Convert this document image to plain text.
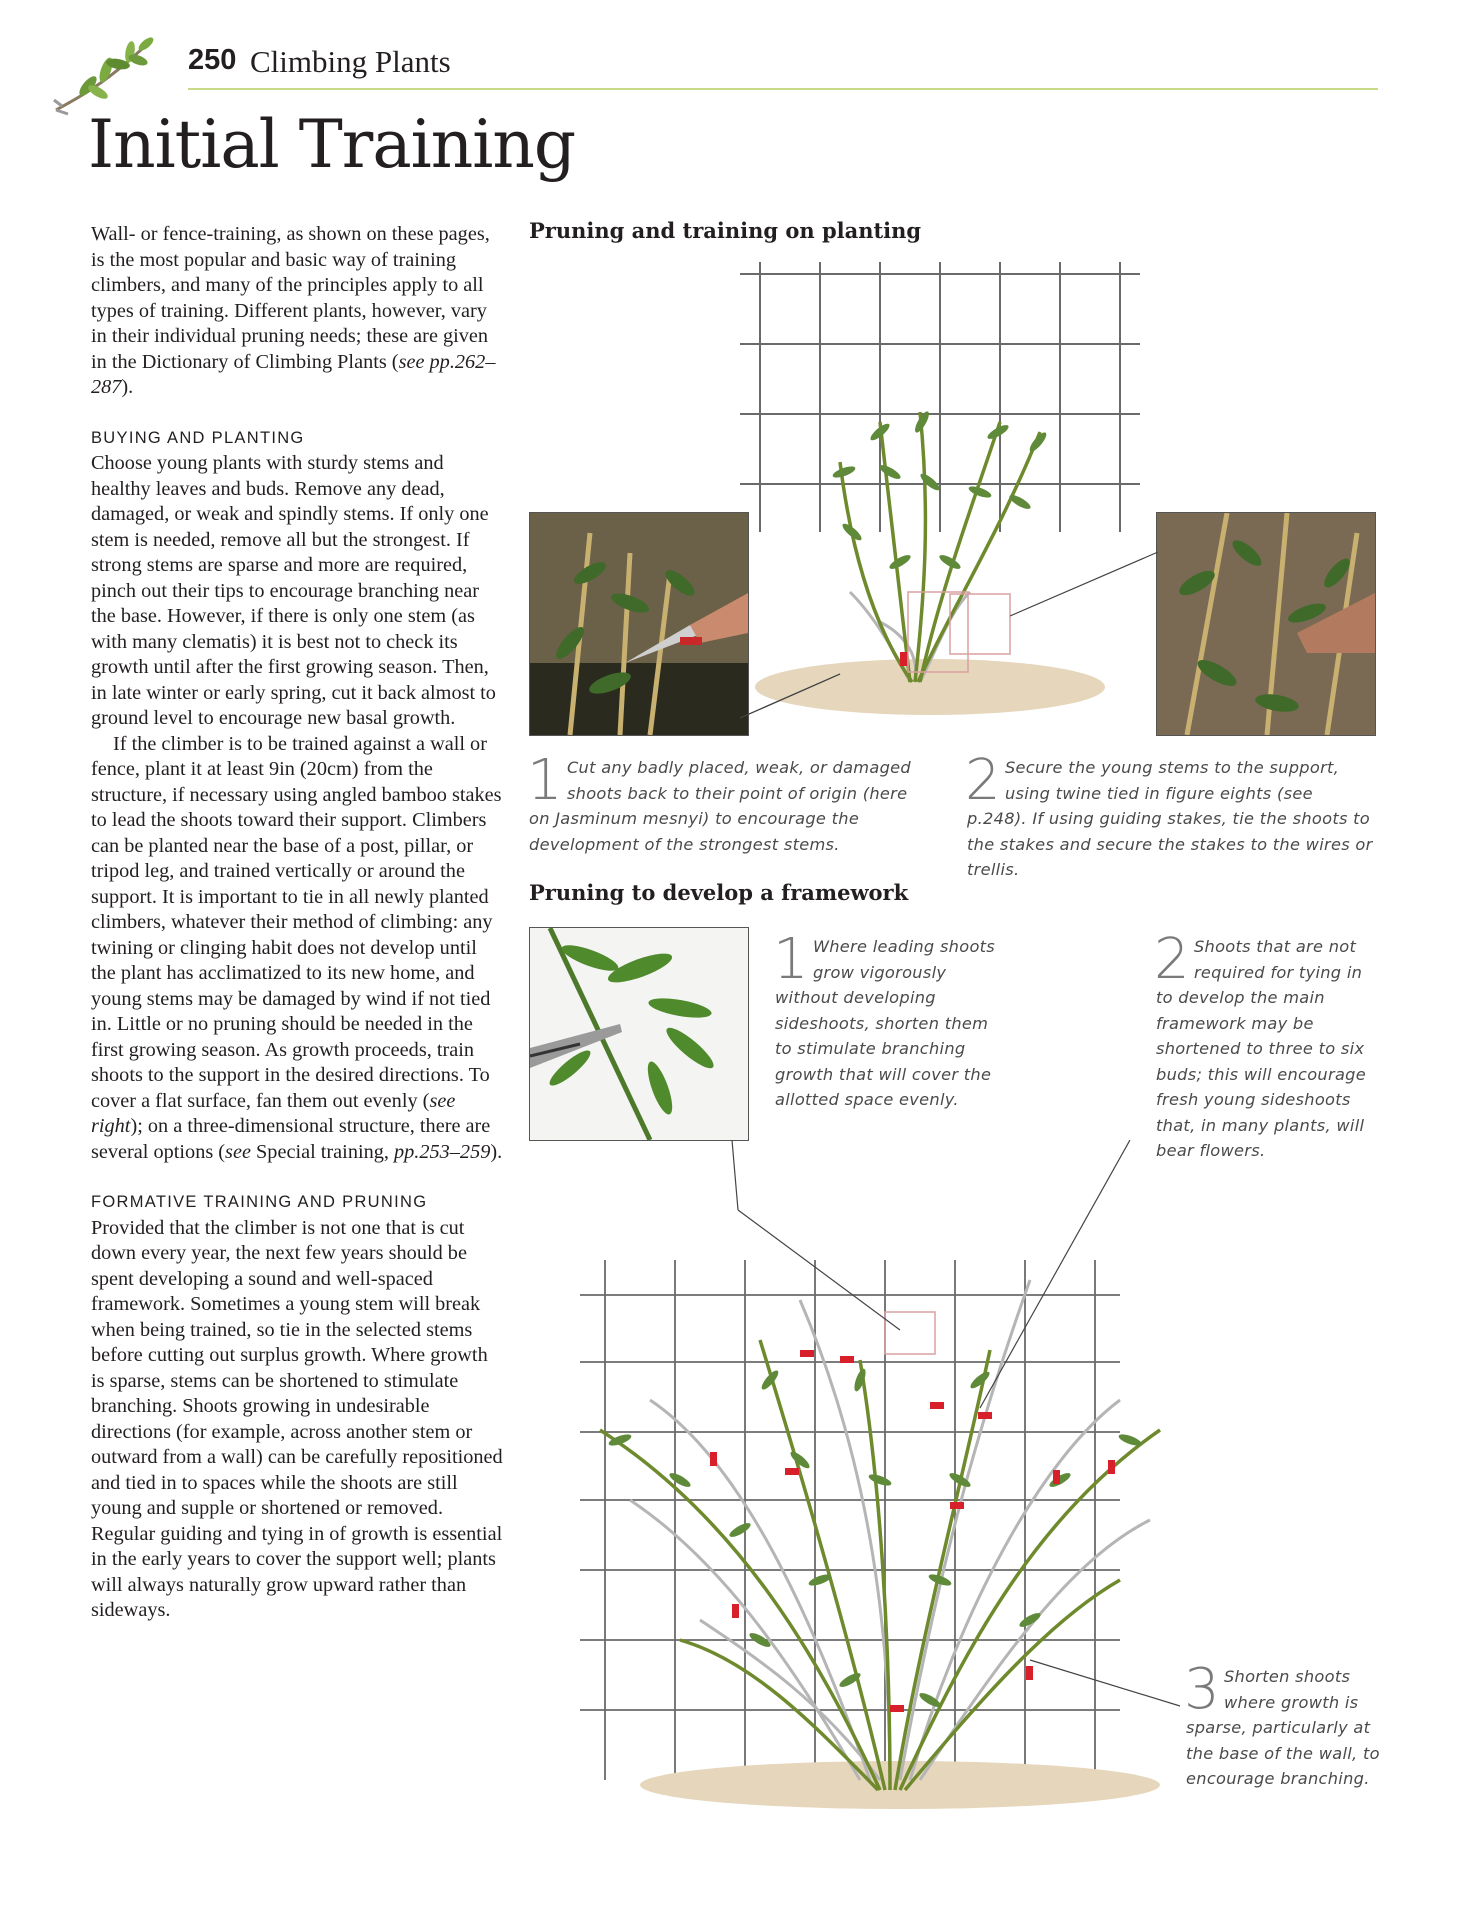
250 Climbing Plants
Initial Training

Wall- or fence-training, as shown on these pages, is the most popular and basic way of training climbers, and many of the principles apply to all types of training. Different plants, however, vary in their individual pruning needs; these are given in the Dictionary of Climbing Plants (see pp.262–287).

BUYING AND PLANTING

Choose young plants with sturdy stems and healthy leaves and buds. Remove any dead, damaged, or weak and spindly stems. If only one stem is needed, remove all but the strongest. If strong stems are sparse and more are required, pinch out their tips to encourage branching near the base. However, if there is only one stem (as with many clematis) it is best not to check its growth until after the first growing season. Then, in late winter or early spring, cut it back almost to ground level to encourage new basal growth.

If the climber is to be trained against a wall or fence, plant it at least 9in (20cm) from the structure, if necessary using angled bamboo stakes to lead the shoots toward their support. Climbers can be planted near the base of a post, pillar, or tripod leg, and trained vertically or around the support. It is important to tie in all newly planted climbers, whatever their method of climbing: any twining or clinging habit does not develop until the plant has acclimatized to its new home, and young stems may be damaged by wind if not tied in. Little or no pruning should be needed in the first growing season. As growth proceeds, train shoots to the support in the desired directions. To cover a flat surface, fan them out evenly (see right); on a three-dimensional structure, there are several options (see Special training, pp.253–259).

FORMATIVE TRAINING AND PRUNING

Provided that the climber is not one that is cut down every year, the next few years should be spent developing a sound and well-spaced framework. Sometimes a young stem will break when being trained, so tie in the selected stems before cutting out surplus growth. Where growth is sparse, stems can be shortened to stimulate branching. Shoots growing in undesirable directions (for example, across another stem or outward from a wall) can be carefully repositioned and tied in to spaces while the shoots are still young and supple or shortened or removed. Regular guiding and tying in of growth is essential in the early years to cover the support well; plants will always naturally grow upward rather than sideways.

Pruning and training on planting
1 Cut any badly placed, weak, or damaged shoots back to their point of origin (here on Jasminum mesnyi) to encourage the development of the strongest stems.
2 Secure the young stems to the support, using twine tied in figure eights (see p.248). If using guiding stakes, tie the shoots to the stakes and secure the stakes to the wires or trellis.
Pruning to develop a framework
1 Where leading shoots grow vigorously without developing sideshoots, shorten them to stimulate branching growth that will cover the allotted space evenly.
2 Shoots that are not required for tying in to develop the main framework may be shortened to three to six buds; this will encourage fresh young sideshoots that, in many plants, will bear flowers.
3 Shorten shoots where growth is sparse, particularly at the base of the wall, to encourage branching.
